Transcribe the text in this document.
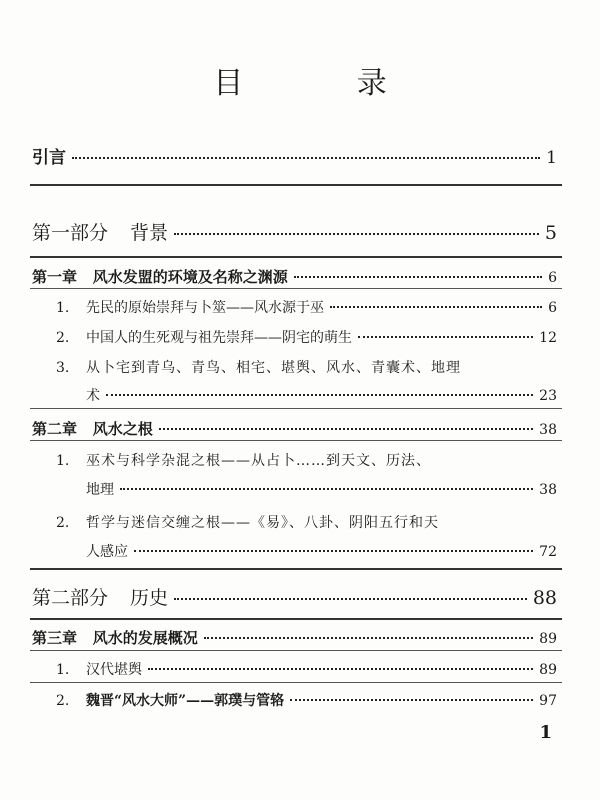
目 录
引言	1
第一部分 背景	5
第一章 风水发盟的环境及名称之渊源	6
1. 先民的原始崇拜与卜筮——风水源于巫	6
2. 中国人的生死观与祖先崇拜——阴宅的萌生	12
3. 从卜宅到青乌、青鸟、相宅、堪舆、风水、青囊术、地理
术	23
第二章 风水之根	38
1. 巫术与科学杂混之根——从占卜……到天文、历法、
地理	38
2. 哲学与迷信交缠之根——《易》、八卦、阴阳五行和天
人感应	72
第二部分 历史	88
第三章 风水的发展概况	89
1. 汉代堪舆	89
2. 魏晋“风水大师”——郭璞与管辂	97
1
